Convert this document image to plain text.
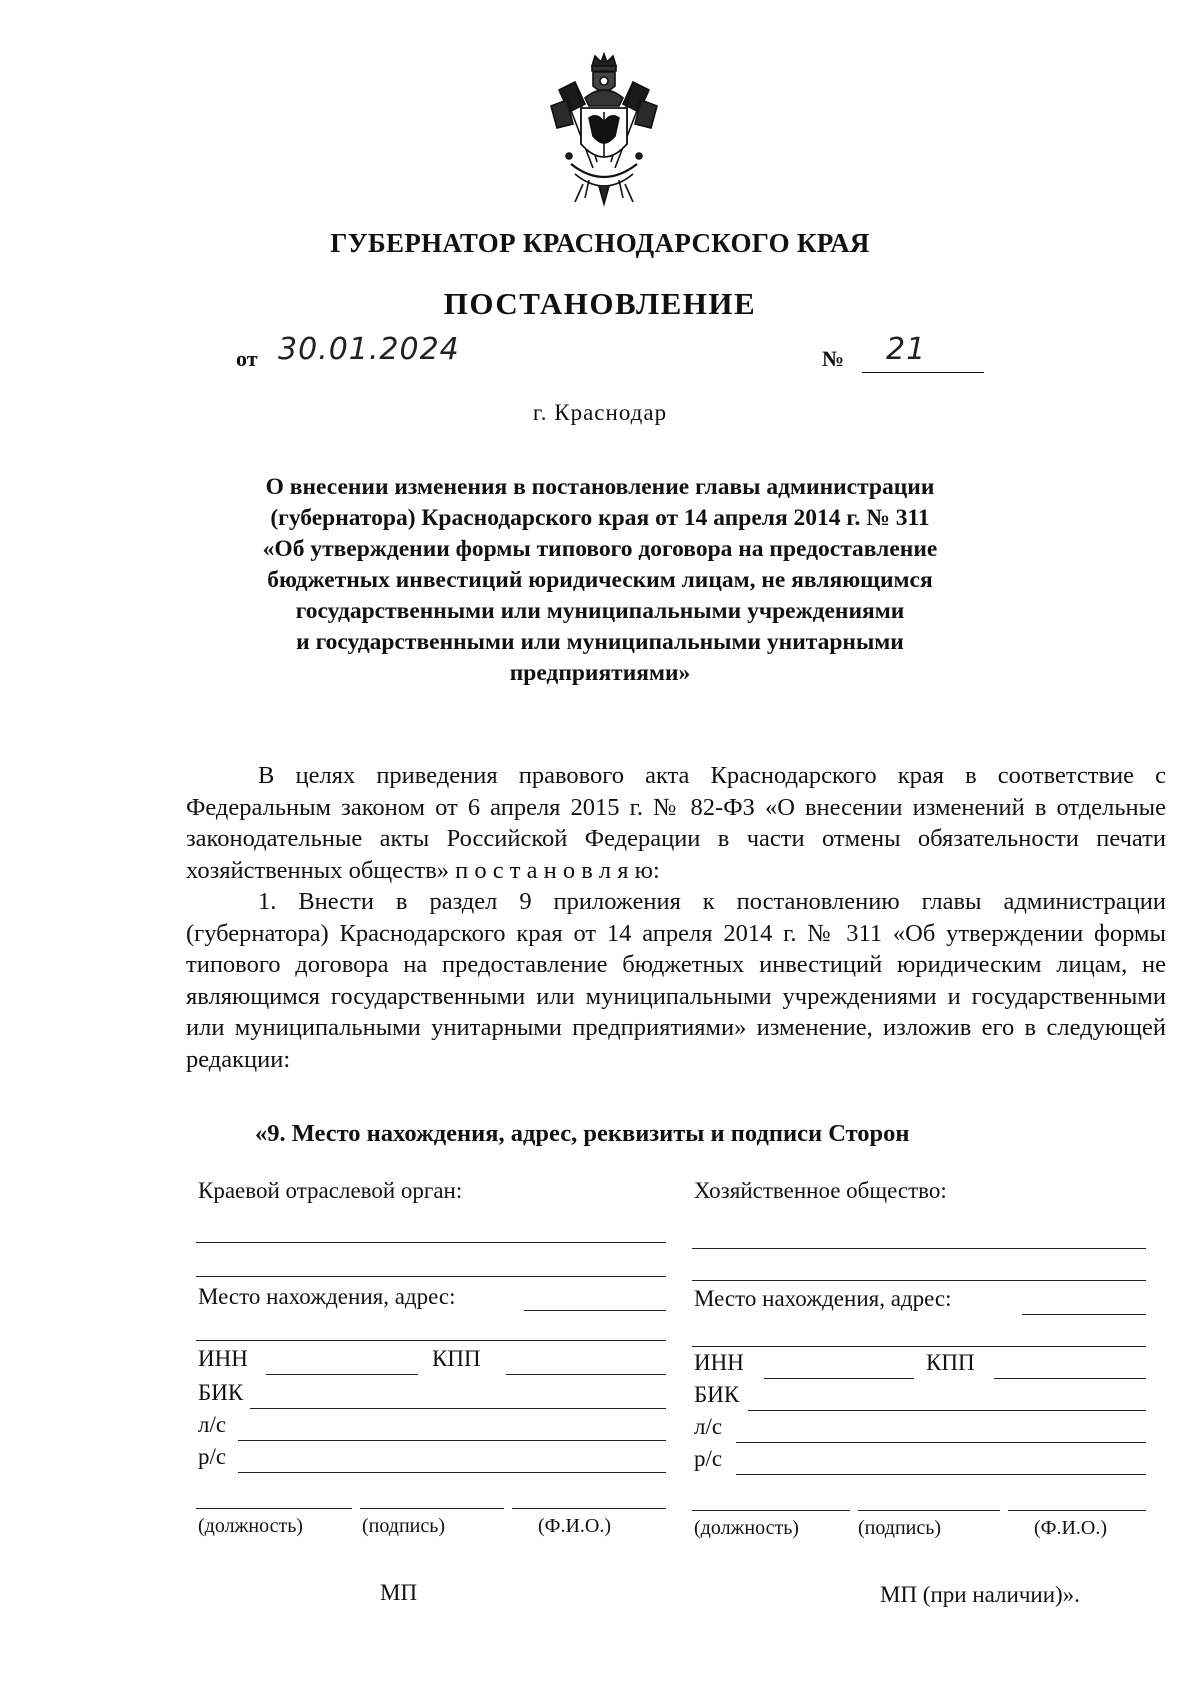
ГУБЕРНАТОР КРАСНОДАРСКОГО КРАЯ
ПОСТАНОВЛЕНИЕ
от 30.01.2024	№ 21
г. Краснодар
О внесении изменения в постановление главы администрации
(губернатора) Краснодарского края от 14 апреля 2014 г. № 311
«Об утверждении формы типового договора на предоставление
бюджетных инвестиций юридическим лицам, не являющимся
государственными или муниципальными учреждениями
и государственными или муниципальными унитарными
предприятиями»

В целях приведения правового акта Краснодарского края в соответствие с Федеральным законом от 6 апреля 2015 г. № 82-ФЗ «О внесении изменений в отдельные законодательные акты Российской Федерации в части отмены обязательности печати хозяйственных обществ» п о с т а н о в л я ю:

1. Внести в раздел 9 приложения к постановлению главы администрации (губернатора) Краснодарского края от 14 апреля 2014 г. № 311 «Об утверждении формы типового договора на предоставление бюджетных инвестиций юридическим лицам, не являющимся государственными или муниципальными учреждениями и государственными или муниципальными унитарными предприятиями» изменение, изложив его в следующей редакции:

«9. Место нахождения, адрес, реквизиты и подписи Сторон
Краевой отраслевой орган:
Место нахождения, адрес:
ИНН	КПП
БИК
л/с
р/с
(должность)	(подпись)	(Ф.И.О.)
МП
Хозяйственное общество:
Место нахождения, адрес:
ИНН	КПП
БИК
л/с
р/с
(должность)	(подпись)	(Ф.И.О.)
МП (при наличии)».
